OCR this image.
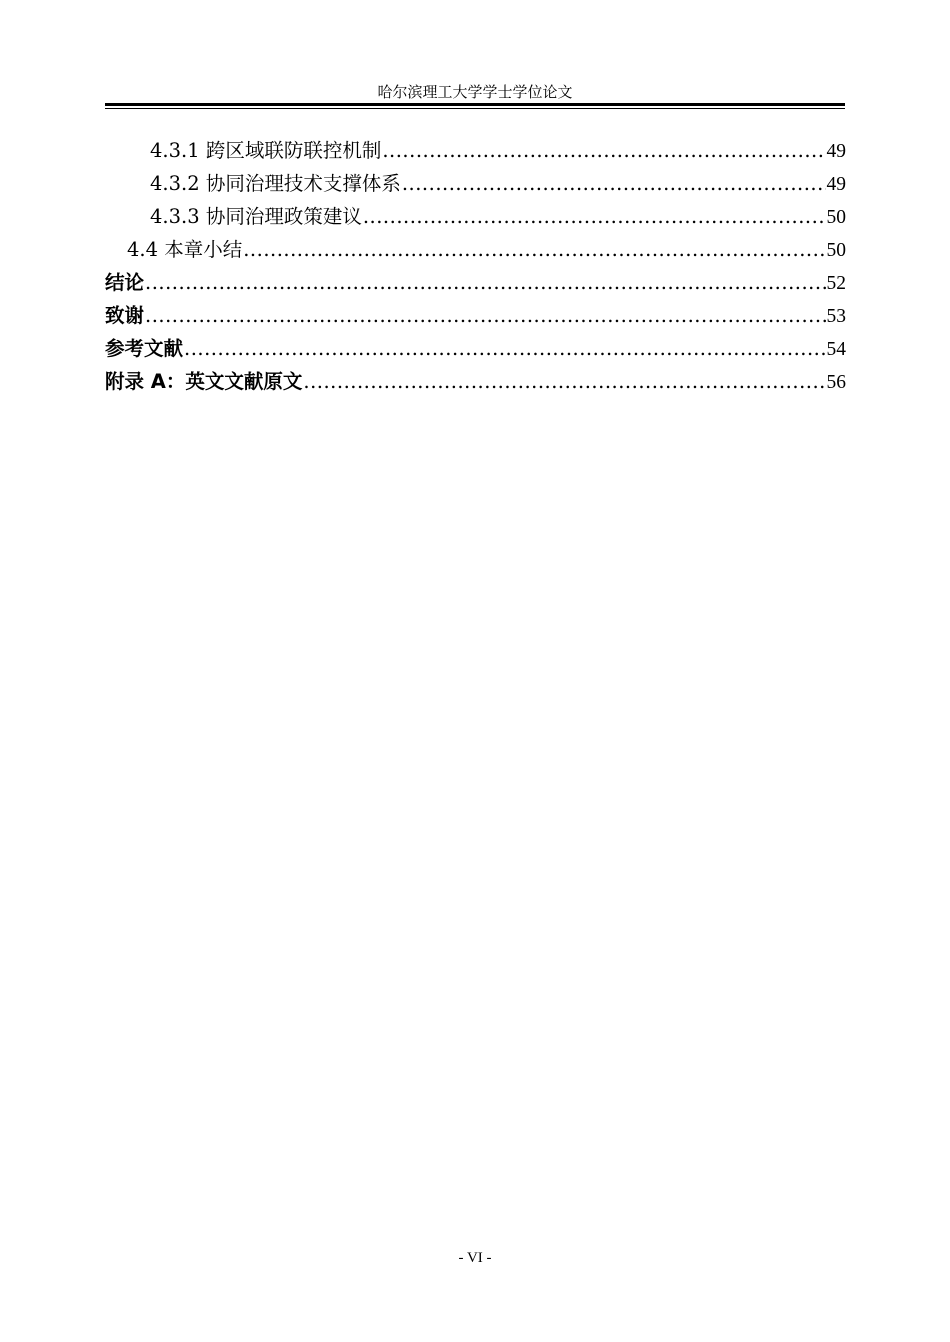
哈尔滨理工大学学士学位论文
4.3.1 跨区域联防联控机制 .....	49
4.3.2 协同治理技术支撑体系 .....	49
4.3.3 协同治理政策建议 .....	50
4.4 本章小结 .....	50
结论 .....	52
致谢 .....	53
参考文献 .....	54
附录 A：英文文献原文 .....	56
- VI -
